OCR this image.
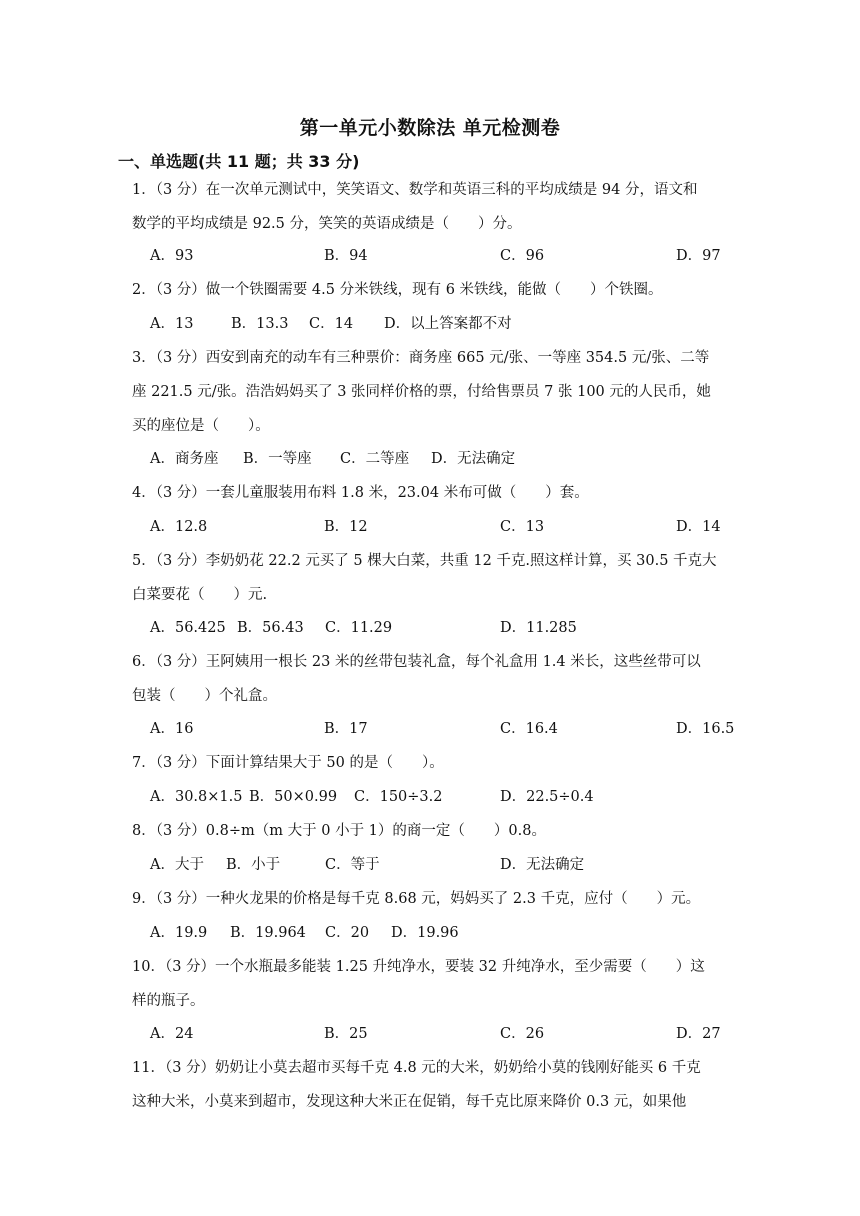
第一单元小数除法 单元检测卷
一、单选题(共 11 题；共 33 分)
1．（3 分）在一次单元测试中，笑笑语文、数学和英语三科的平均成绩是 94 分，语文和
数学的平均成绩是 92.5 分，笑笑的英语成绩是（　　）分。
A．93	B．94	C．96	D．97
2．（3 分）做一个铁圈需要 4.5 分米铁线，现有 6 米铁线，能做（　　）个铁圈。
A．13	B．13.3 C．14 D．以上答案都不对
3．（3 分）西安到南充的动车有三种票价：商务座 665 元/张、一等座 354.5 元/张、二等
座 221.5 元/张。浩浩妈妈买了 3 张同样价格的票，付给售票员 7 张 100 元的人民币，她
买的座位是（　　）。
A．商务座 B．一等座 C．二等座 D．无法确定
4．（3 分）一套儿童服装用布料 1.8 米，23.04 米布可做（　　）套。
A．12.8	B．12	C．13	D．14
5．（3 分）李奶奶花 22.2 元买了 5 棵大白菜，共重 12 千克.照这样计算，买 30.5 千克大
白菜要花（　　）元.
A．56.425 B．56.43 C．11.29	D．11.285
6．（3 分）王阿姨用一根长 23 米的丝带包装礼盒，每个礼盒用 1.4 米长，这些丝带可以
包装（　　）个礼盒。
A．16	B．17	C．16.4	D．16.5
7．（3 分）下面计算结果大于 50 的是（　　）。
A．30.8×1.5 B．50×0.99 C．150÷3.2	D．22.5÷0.4
8．（3 分）0.8÷m（m 大于 0 小于 1）的商一定（　　）0.8。
A．大于 B．小于	C．等于	D．无法确定
9．（3 分）一种火龙果的价格是每千克 8.68 元，妈妈买了 2.3 千克，应付（　　）元。
A．19.9 B．19.964 C．20 D．19.96
10．（3 分）一个水瓶最多能装 1.25 升纯净水，要装 32 升纯净水，至少需要（　　）这
样的瓶子。
A．24	B．25	C．26	D．27
11．（3 分）奶奶让小莫去超市买每千克 4.8 元的大米，奶奶给小莫的钱刚好能买 6 千克
这种大米，小莫来到超市，发现这种大米正在促销，每千克比原来降价 0.3 元，如果他
